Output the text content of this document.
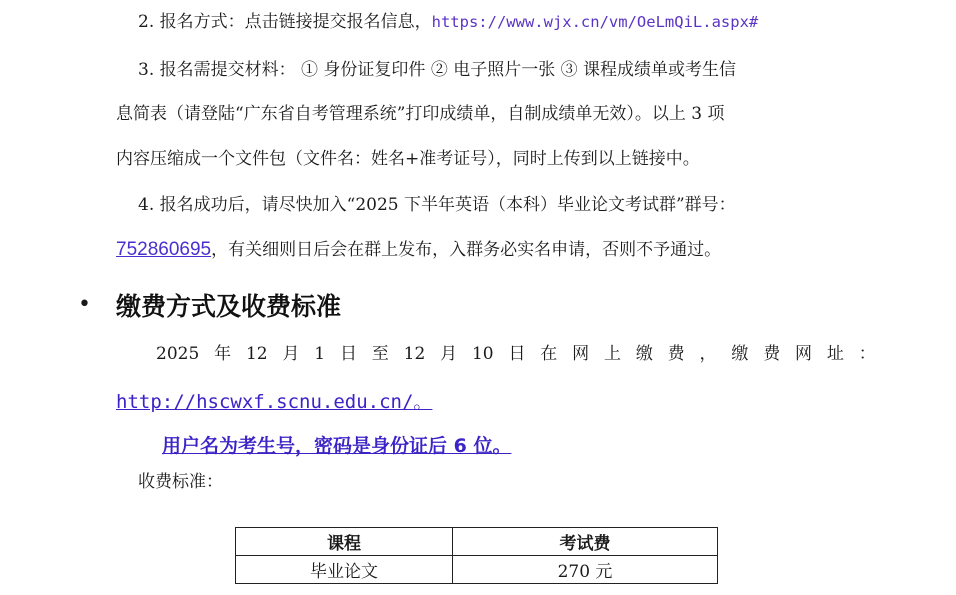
2. 报名方式：点击链接提交报名信息，https://www.wjx.cn/vm/OeLmQiL.aspx#
3. 报名需提交材料： ① 身份证复印件 ② 电子照片一张 ③ 课程成绩单或考生信
息简表（请登陆“广东省自考管理系统”打印成绩单，自制成绩单无效）。以上 3 项
内容压缩成一个文件包（文件名：姓名+准考证号），同时上传到以上链接中。
4. 报名成功后，请尽快加入“2025 下半年英语（本科）毕业论文考试群”群号：
752860695，有关细则日后会在群上发布，入群务必实名申请，否则不予通过。
• 缴费方式及收费标准
2025 年 12 月 1 日 至 12 月 10 日 在 网 上 缴 费 ， 缴 费 网 址 ：
http://hscwxf.scnu.edu.cn/。
用户名为考生号，密码是身份证后 6 位。
收费标准：
课程	考试费
毕业论文	270 元
